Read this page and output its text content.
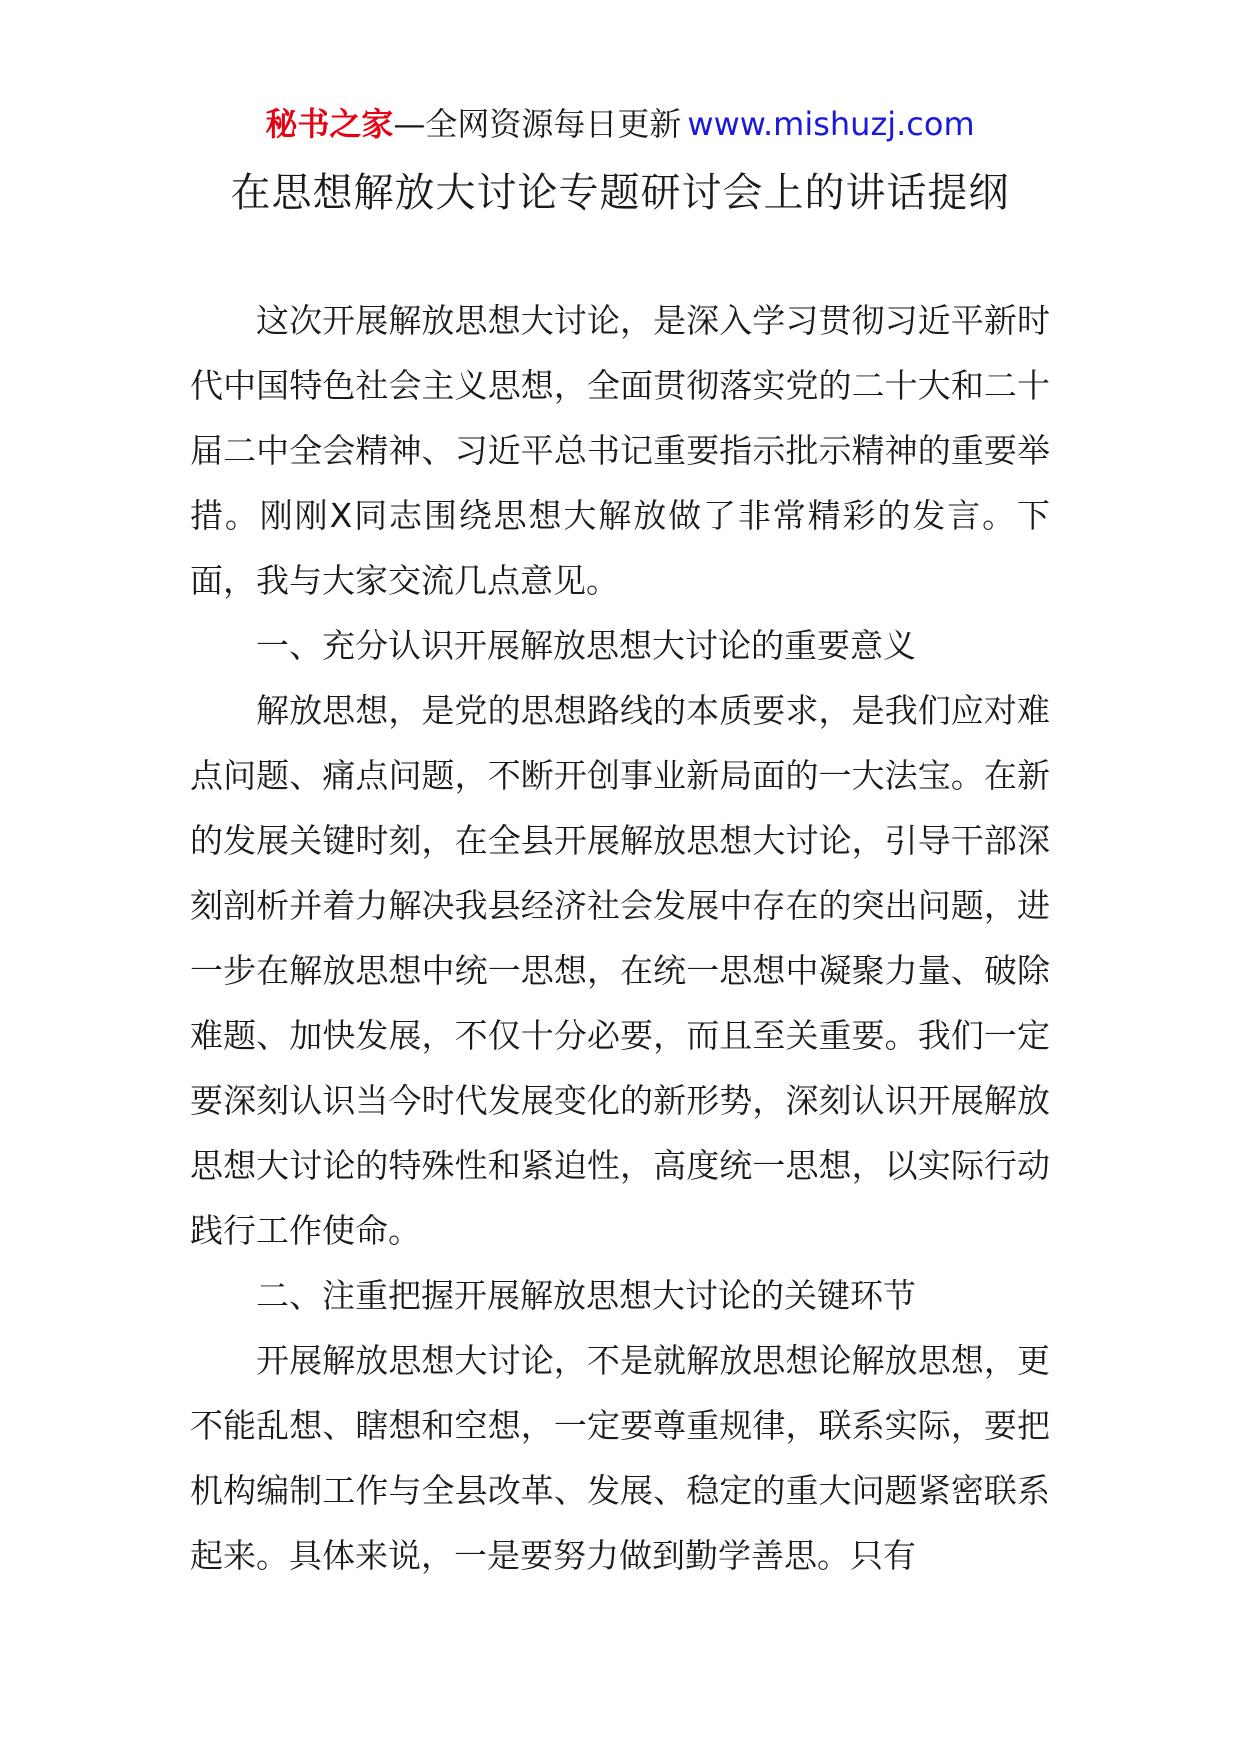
秘书之家—全网资源每日更新 www.mishuzj.com
在思想解放大讨论专题研讨会上的讲话提纲

这次开展解放思想大讨论，是深入学习贯彻习近平新时代中国特色社会主义思想，全面贯彻落实党的二十大和二十届二中全会精神、习近平总书记重要指示批示精神的重要举措。刚刚X同志围绕思想大解放做了非常精彩的发言。下面，我与大家交流几点意见。

一、充分认识开展解放思想大讨论的重要意义

解放思想，是党的思想路线的本质要求，是我们应对难点问题、痛点问题，不断开创事业新局面的一大法宝。在新的发展关键时刻，在全县开展解放思想大讨论，引导干部深刻剖析并着力解决我县经济社会发展中存在的突出问题，进一步在解放思想中统一思想，在统一思想中凝聚力量、破除难题、加快发展，不仅十分必要，而且至关重要。我们一定要深刻认识当今时代发展变化的新形势，深刻认识开展解放思想大讨论的特殊性和紧迫性，高度统一思想，以实际行动践行工作使命。

二、注重把握开展解放思想大讨论的关键环节

开展解放思想大讨论，不是就解放思想论解放思想，更不能乱想、瞎想和空想，一定要尊重规律，联系实际，要把机构编制工作与全县改革、发展、稳定的重大问题紧密联系起来。具体来说，一是要努力做到勤学善思。只有
